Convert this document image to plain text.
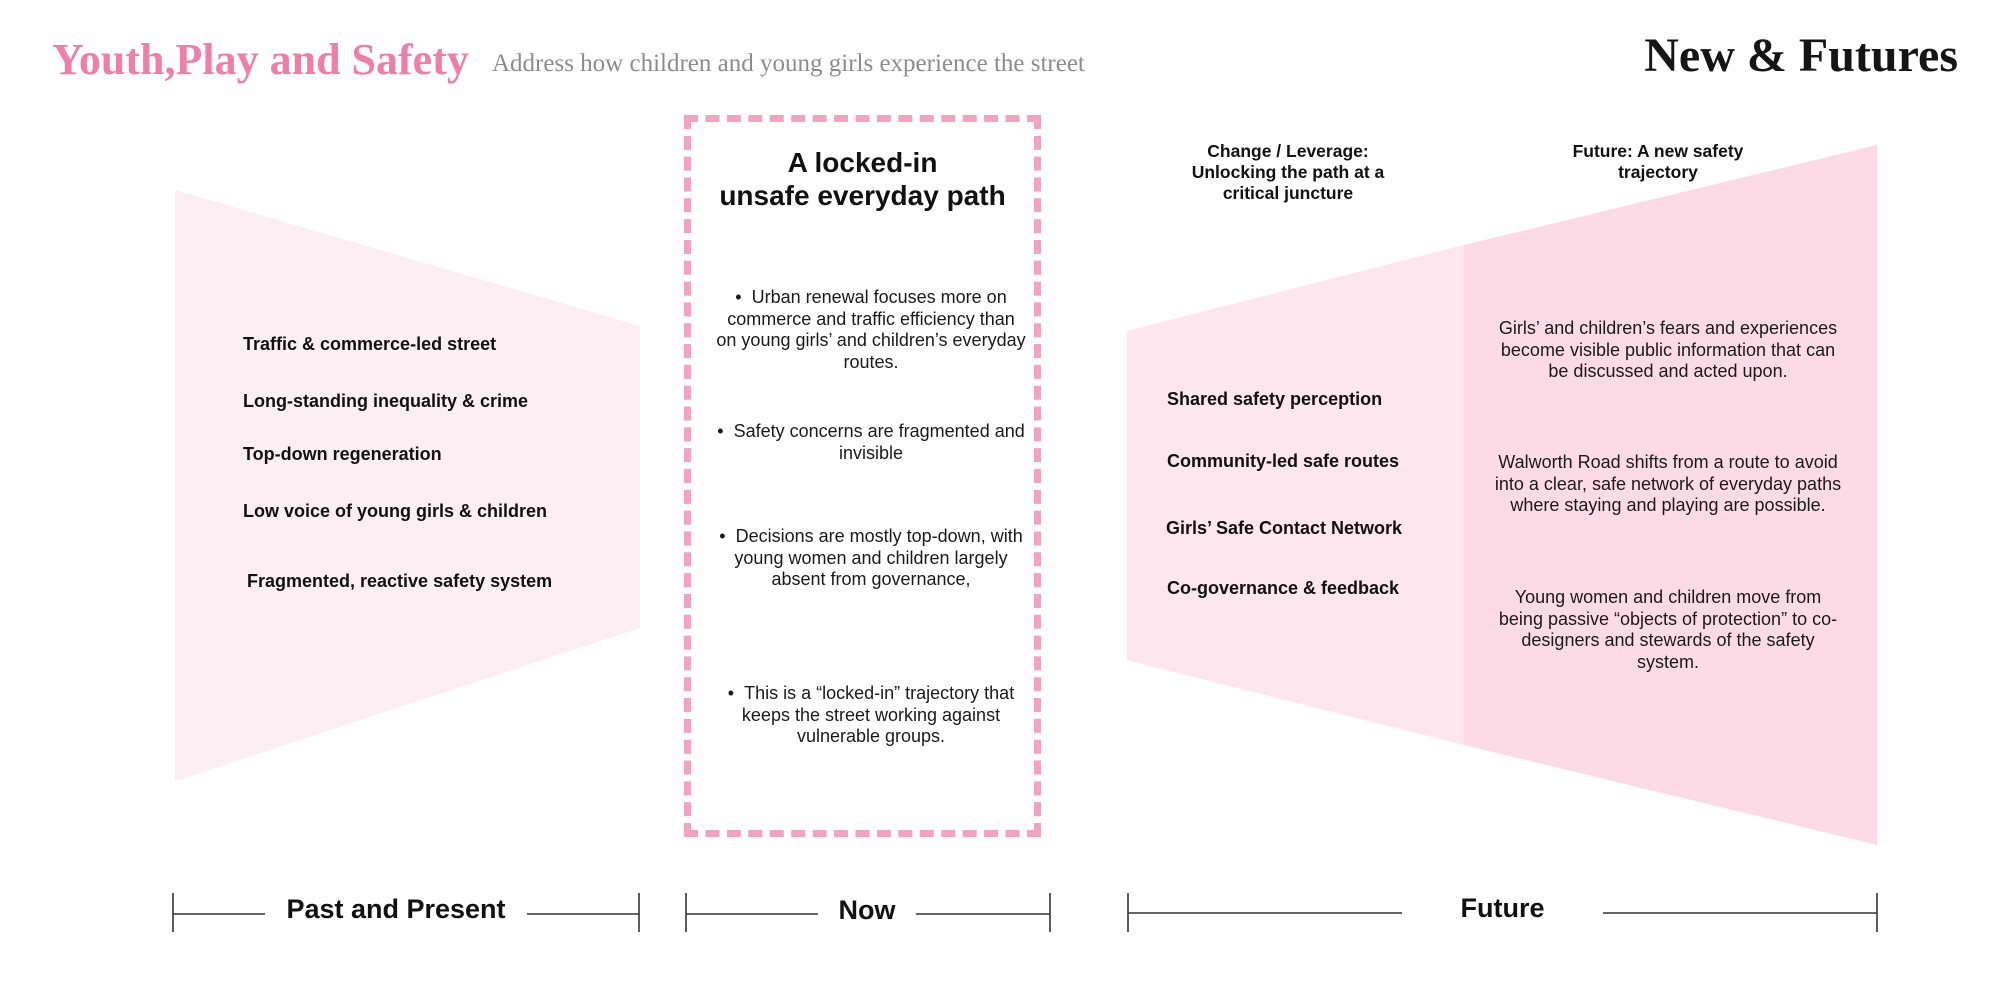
Youth,Play and Safety Address how children and young girls experience the street	New & Futures
Traffic & commerce-led street
Long-standing inequality & crime
Top-down regeneration
Low voice of young girls & children
Fragmented, reactive safety system
A locked-in
unsafe everyday path
•  Urban renewal focuses more on commerce and traffic efficiency than on young girls’ and children’s everyday routes.
•  Safety concerns are fragmented and invisible
•  Decisions are mostly top-down, with young women and children largely absent from governance,
•  This is a “locked-in” trajectory that keeps the street working against vulnerable groups.
Change / Leverage: Unlocking the path at a critical juncture
Shared safety perception
Community-led safe routes
Girls’ Safe Contact Network
Co-governance & feedback
Future: A new safety trajectory
Girls’ and children’s fears and experiences become visible public information that can be discussed and acted upon.
Walworth Road shifts from a route to avoid into a clear, safe network of everyday paths where staying and playing are possible.
Young women and children move from being passive “objects of protection” to co-designers and stewards of the safety system.
Past and Present	Now	Future
